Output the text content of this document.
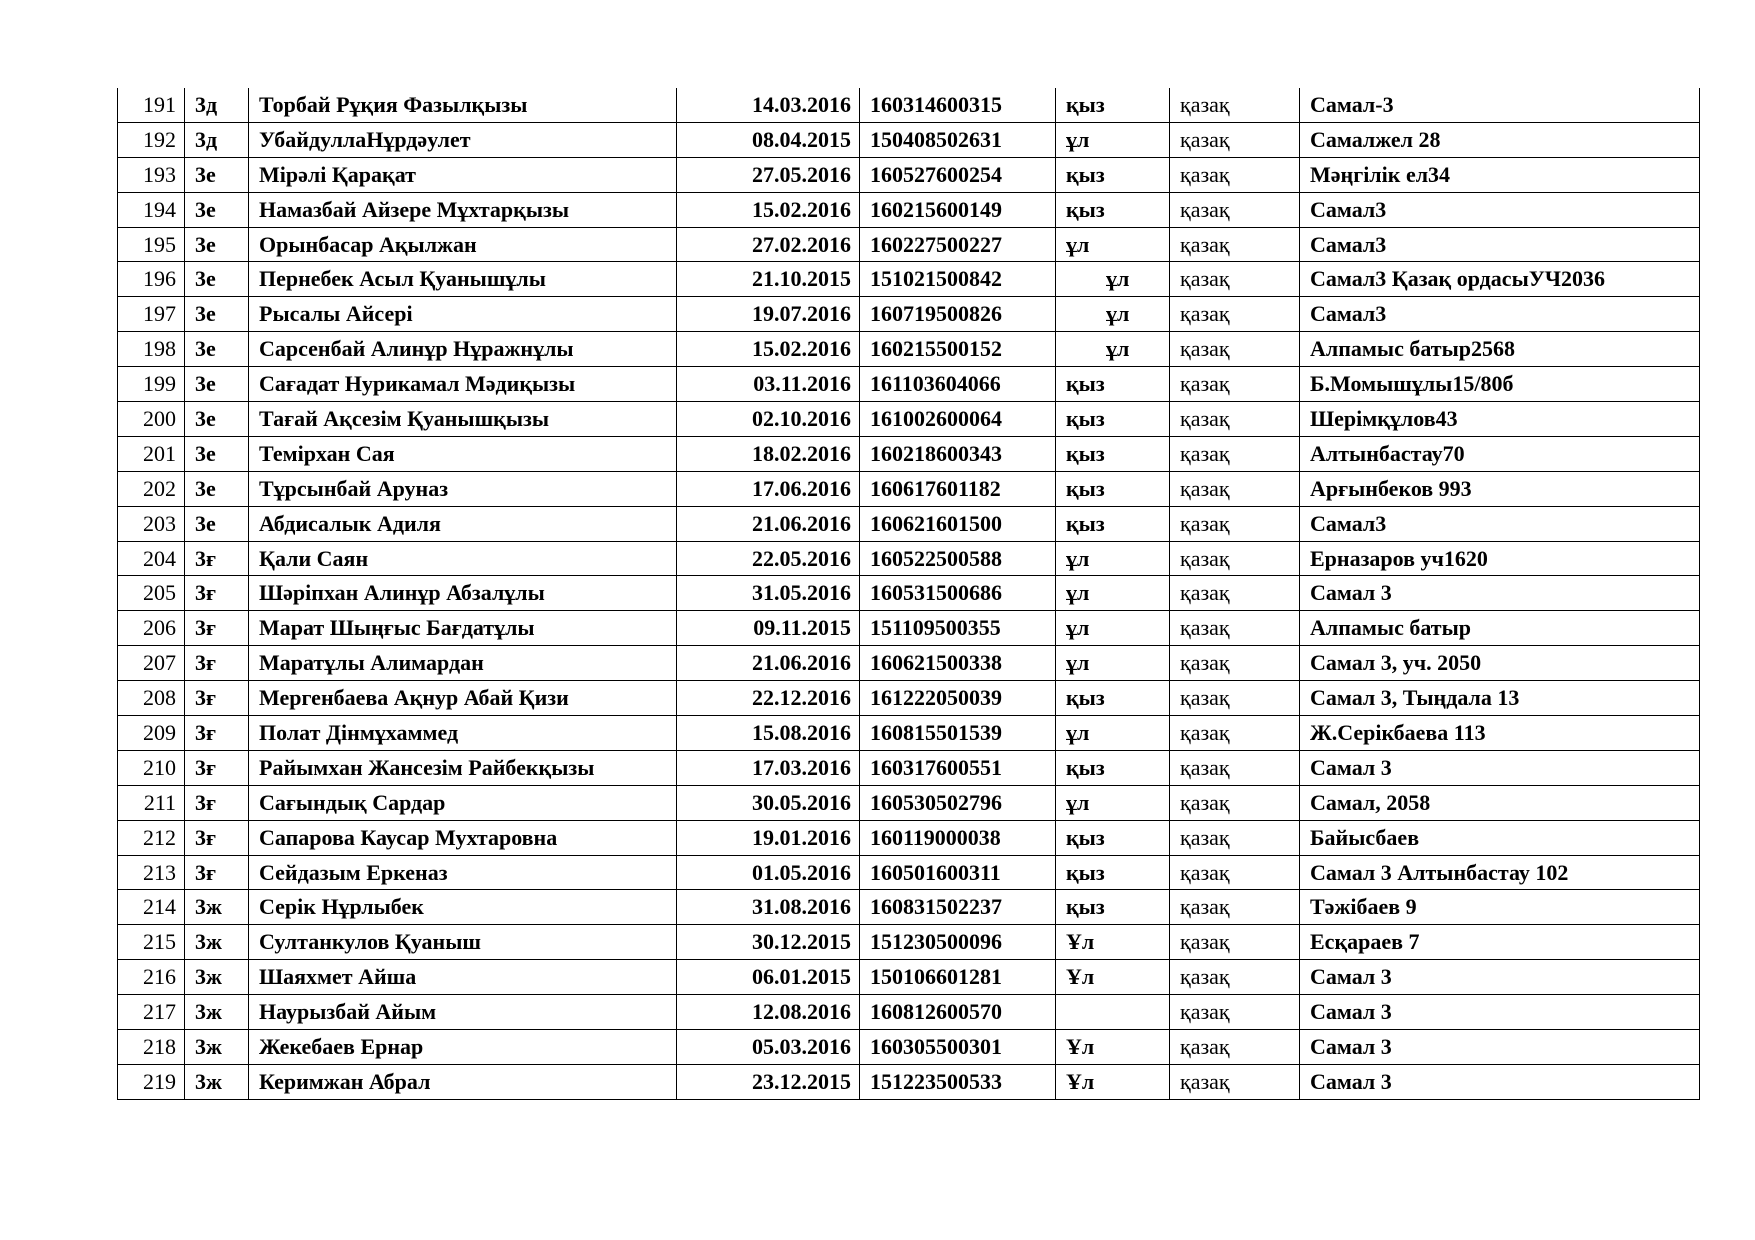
191	3д	Торбай Рұқия Фазылқызы	14.03.2016	160314600315	қыз	қазақ	Самал-3
192	3д	УбайдуллаНұрдәулет	08.04.2015	150408502631	ұл	қазақ	Самалжел 28
193	3е	Мірәлі Қарақат	27.05.2016	160527600254	қыз	қазақ	Мәңгілік ел34
194	3е	Намазбай Айзере Мұхтарқызы	15.02.2016	160215600149	қыз	қазақ	Самал3
195	3е	Орынбасар Ақылжан	27.02.2016	160227500227	ұл	қазақ	Самал3
196	3е	Пернебек Асыл Қуанышұлы	21.10.2015	151021500842	ұл	қазақ	Самал3 Қазақ ордасыУЧ2036
197	3е	Рысалы Айсері	19.07.2016	160719500826	ұл	қазақ	Самал3
198	3е	Сарсенбай Алинұр Нұражнұлы	15.02.2016	160215500152	ұл	қазақ	Алпамыс батыр2568
199	3е	Сағадат Нурикамал Мәдиқызы	03.11.2016	161103604066	қыз	қазақ	Б.Момышұлы15/80б
200	3е	Тағай Ақсезім Қуанышқызы	02.10.2016	161002600064	қыз	қазақ	Шерімқұлов43
201	3е	Темірхан Сая	18.02.2016	160218600343	қыз	қазақ	Алтынбастау70
202	3е	Тұрсынбай Аруназ	17.06.2016	160617601182	қыз	қазақ	Арғынбеков 993
203	3е	Абдисалык Адиля	21.06.2016	160621601500	қыз	қазақ	Самал3
204	3ғ	Қали Саян	22.05.2016	160522500588	ұл	қазақ	Ерназаров уч1620
205	3ғ	Шәріпхан Алинұр Абзалұлы	31.05.2016	160531500686	ұл	қазақ	Самал 3
206	3ғ	Марат Шыңғыс Бағдатұлы	09.11.2015	151109500355	ұл	қазақ	Алпамыс батыр
207	3ғ	Маратұлы Алимардан	21.06.2016	160621500338	ұл	қазақ	Самал 3, уч. 2050
208	3ғ	Мергенбаева Ақнур Абай Қизи	22.12.2016	161222050039	қыз	қазақ	Самал 3, Тыңдала 13
209	3ғ	Полат Дінмұхаммед	15.08.2016	160815501539	ұл	қазақ	Ж.Серікбаева 113
210	3ғ	Райымхан Жансезім Райбекқызы	17.03.2016	160317600551	қыз	қазақ	Самал 3
211	3ғ	Сағындық Сардар	30.05.2016	160530502796	ұл	қазақ	Самал, 2058
212	3ғ	Сапарова Каусар Мухтаровна	19.01.2016	160119000038	қыз	қазақ	Байысбаев
213	3ғ	Сейдазым Еркеназ	01.05.2016	160501600311	қыз	қазақ	Самал 3 Алтынбастау 102
214	3ж	Серік Нұрлыбек	31.08.2016	160831502237	қыз	қазақ	Тәжібаев 9
215	3ж	Султанкулов Қуаныш	30.12.2015	151230500096	Ұл	қазақ	Есқараев 7
216	3ж	Шаяхмет Айша	06.01.2015	150106601281	Ұл	қазақ	Самал 3
217	3ж	Наурызбай Айым	12.08.2016	160812600570		қазақ	Самал 3
218	3ж	Жекебаев Ернар	05.03.2016	160305500301	Ұл	қазақ	Самал 3
219	3ж	Керимжан Абрал	23.12.2015	151223500533	Ұл	қазақ	Самал 3
